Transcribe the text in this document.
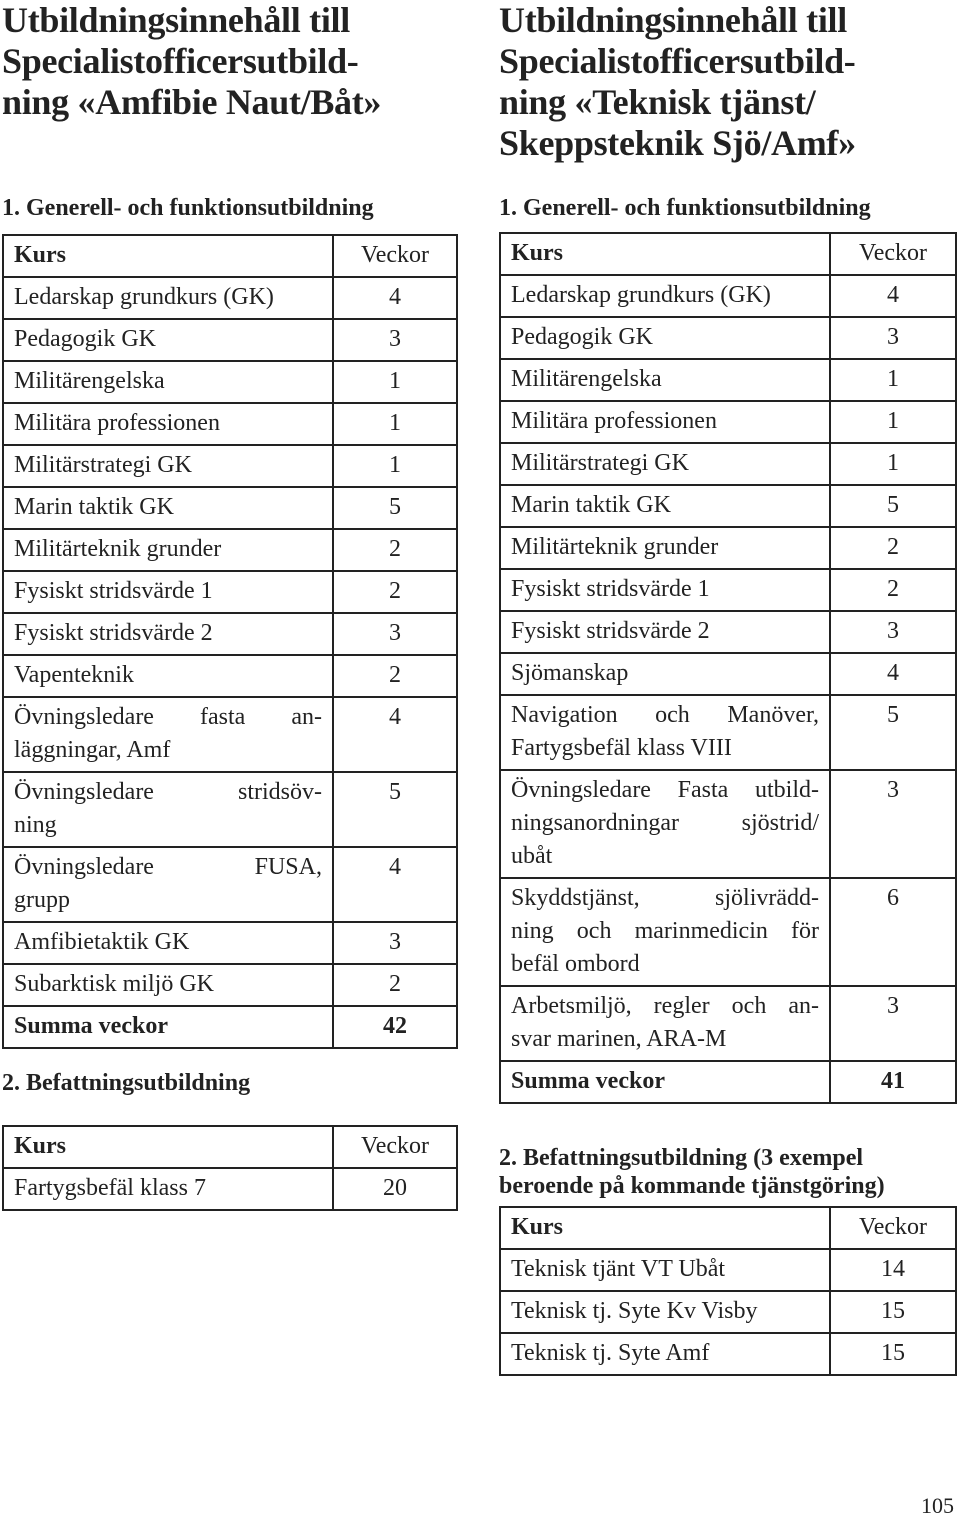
Utbildningsinnehåll till
Specialistofficersutbild-
ning «Amfibie Naut/Båt»

1. Generell- och funktionsutbildning

Kurs	Veckor

Ledarskap grundkurs (GK)	4

Pedagogik GK	3

Militärengelska	1

Militära professionen	1

Militärstrategi GK	1

Marin taktik GK	5

Militärteknik grunder	2

Fysiskt stridsvärde 1	2

Fysiskt stridsvärde 2	3

Vapenteknik	2

Övningsledare fasta an-
läggningar, Amf	4

Övningsledare stridsöv-
ning	5

Övningsledare FUSA,
grupp	4

Amfibietaktik GK	3

Subarktisk miljö GK	2
Summa veckor	42

2. Befattningsutbildning

Kurs	Veckor

Fartygsbefäl klass 7	20
Utbildningsinnehåll till
Specialistofficersutbild-
ning «Teknisk tjänst/
Skeppsteknik Sjö/Amf»

1. Generell- och funktionsutbildning

Kurs	Veckor

Ledarskap grundkurs (GK)	4

Pedagogik GK	3

Militärengelska	1

Militära professionen	1

Militärstrategi GK	1

Marin taktik GK	5

Militärteknik grunder	2

Fysiskt stridsvärde 1	2

Fysiskt stridsvärde 2	3

Sjömanskap	4

Navigation och Manöver,
Fartygsbefäl klass VIII	5

Övningsledare Fasta utbild-
ningsanordningar sjöstrid/
ubåt	3

Skyddstjänst, sjölivrädd-
ning och marinmedicin för
befäl ombord	6

Arbetsmiljö, regler och an-
svar marinen, ARA-M	3
Summa veckor	41

2. Befattningsutbildning (3 exempel
beroende på kommande tjänstgöring)

Kurs	Veckor

Teknisk tjänt VT Ubåt	14

Teknisk tj. Syte Kv Visby	15

Teknisk tj. Syte Amf	15
105
